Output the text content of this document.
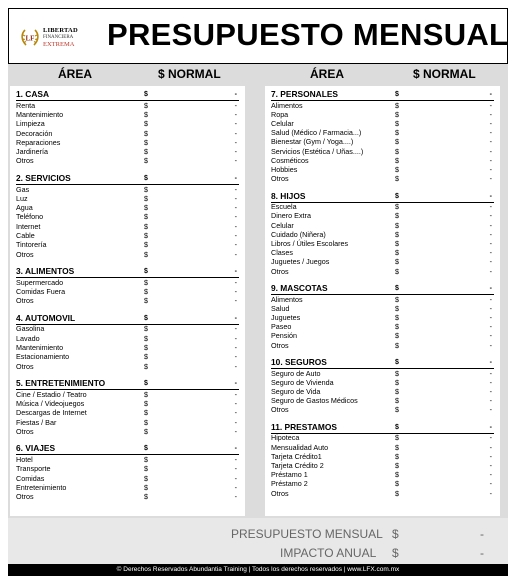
LF
LIBERTAD
FINANCIERA
EXTREMA PRESUPUESTO MENSUAL
ÁREA	$ NORMAL	ÁREA	$ NORMAL
1. CASA	$	-
Renta	$	-
Mantenimiento	$	-
Limpieza	$	-
Decoración	$	-
Reparaciones	$	-
Jardinería	$	-
Otros	$	-
2. SERVICIOS	$	-
Gas	$	-
Luz	$	-
Agua	$	-
Teléfono	$	-
Internet	$	-
Cable	$	-
Tintorería	$	-
Otros	$	-
3. ALIMENTOS	$	-
Supermercado	$	-
Comidas Fuera	$	-
Otros	$	-
4. AUTOMOVIL	$	-
Gasolina	$	-
Lavado	$	-
Mantenimiento	$	-
Estacionamiento	$	-
Otros	$	-
5. ENTRETENIMIENTO	$	-
Cine / Estadio / Teatro	$	-
Música / Videojuegos	$	-
Descargas de Internet	$	-
Fiestas / Bar	$	-
Otros	$	-
6. VIAJES	$	-
Hotel	$	-
Transporte	$	-
Comidas	$	-
Entretenimiento	$	-
Otros	$	-
7. PERSONALES	$	-
Alimentos	$	-
Ropa	$	-
Celular	$	-
Salud (Médico / Farmacia...)	$	-
Bienestar (Gym / Yoga....)	$	-
Servicios (Estética / Uñas....)	$	-
Cosméticos	$	-
Hobbies	$	-
Otros	$	-
8. HIJOS	$	-
Escuela	$	-
Dinero Extra	$	-
Celular	$	-
Cuidado (Niñera)	$	-
Libros / Útiles Escolares	$	-
Clases	$	-
Juguetes / Juegos	$	-
Otros	$	-
9. MASCOTAS	$	-
Alimentos	$	-
Salud	$	-
Juguetes	$	-
Paseo	$	-
Pensión	$	-
Otros	$	-
10. SEGUROS	$	-
Seguro de Auto	$	-
Seguro de Vivienda	$	-
Seguro de Vida	$	-
Seguro de Gastos Médicos	$	-
Otros	$	-
11. PRESTAMOS	$	-
Hipoteca	$	-
Mensualidad Auto	$	-
Tarjeta Crédito1	$	-
Tarjeta Crédito 2	$	-
Préstamo 1	$	-
Préstamo 2	$	-
Otros	$	-
PRESUPUESTO MENSUAL $	-
IMPACTO ANUAL $	-
© Derechos Reservados Abundantia Training | Todos los derechos reservados | www.LFX.com.mx
